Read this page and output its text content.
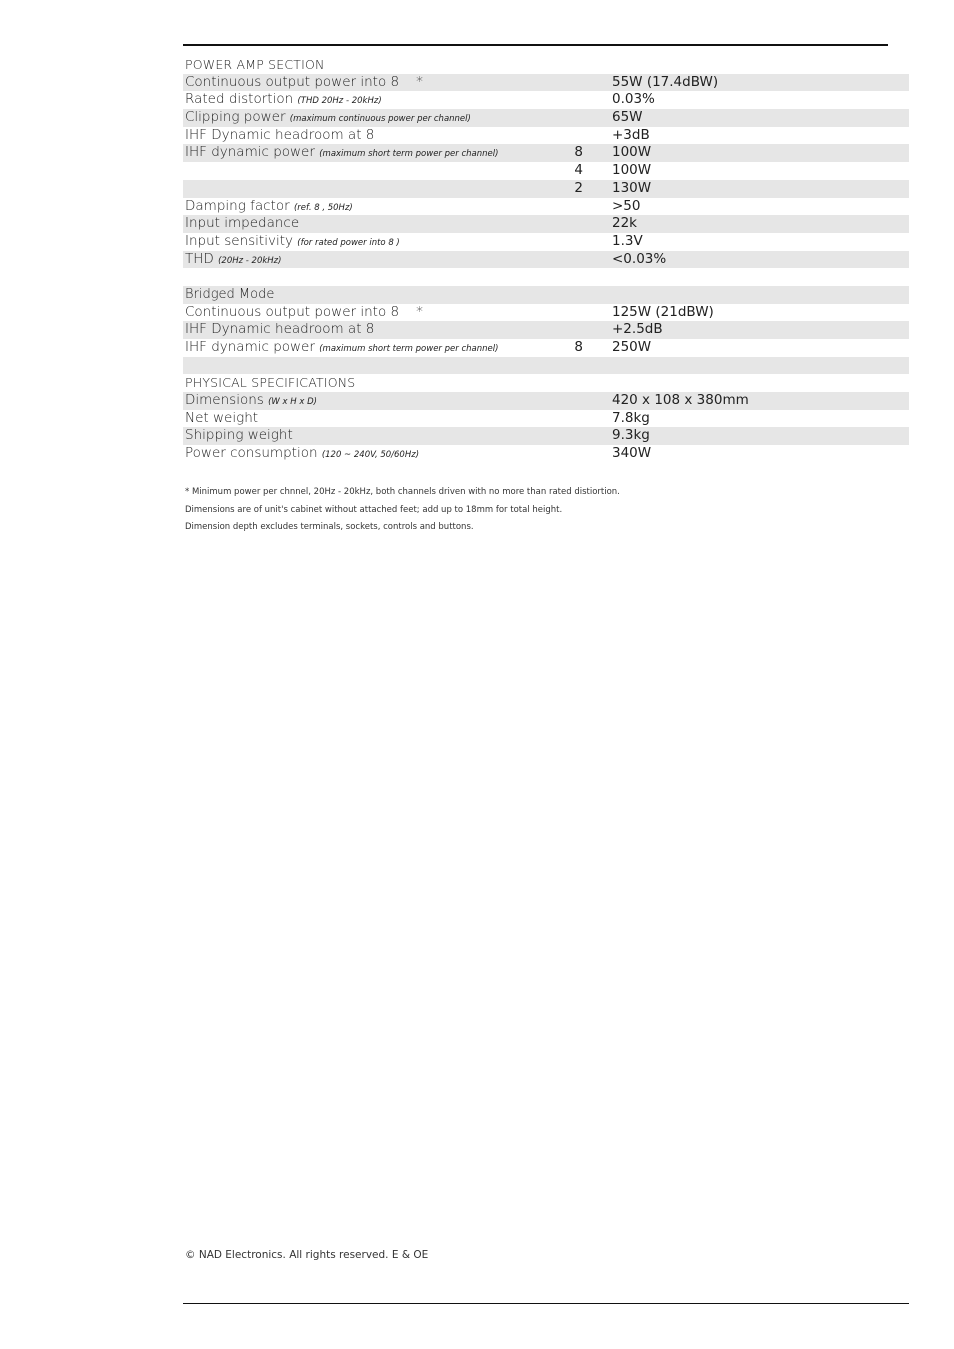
POWER AMP SECTION
Continuous output power into 8 *	55W (17.4dBW)
Rated distortion (THD 20Hz - 20kHz)	0.03%
Clipping power (maximum continuous power per channel)	65W
IHF Dynamic headroom at 8	+3dB
IHF dynamic power (maximum short term power per channel)	8 100W
4 100W
2 130W
Damping factor (ref. 8 , 50Hz)	>50
Input impedance	22k
Input sensitivity (for rated power into 8 )	1.3V
THD (20Hz - 20kHz)	<0.03%
Bridged Mode
Continuous output power into 8 *	125W (21dBW)
IHF Dynamic headroom at 8	+2.5dB
IHF dynamic power (maximum short term power per channel)	8 250W
PHYSICAL SPECIFICATIONS
Dimensions (W x H x D)	420 x 108 x 380mm
Net weight	7.8kg
Shipping weight	9.3kg
Power consumption (120 ~ 240V, 50/60Hz)	340W
* Minimum power per chnnel, 20Hz - 20kHz, both channels driven with no more than rated distiortion.
Dimensions are of unit's cabinet without attached feet; add up to 18mm for total height.
Dimension depth excludes terminals, sockets, controls and buttons.
© NAD Electronics. All rights reserved. E & OE
